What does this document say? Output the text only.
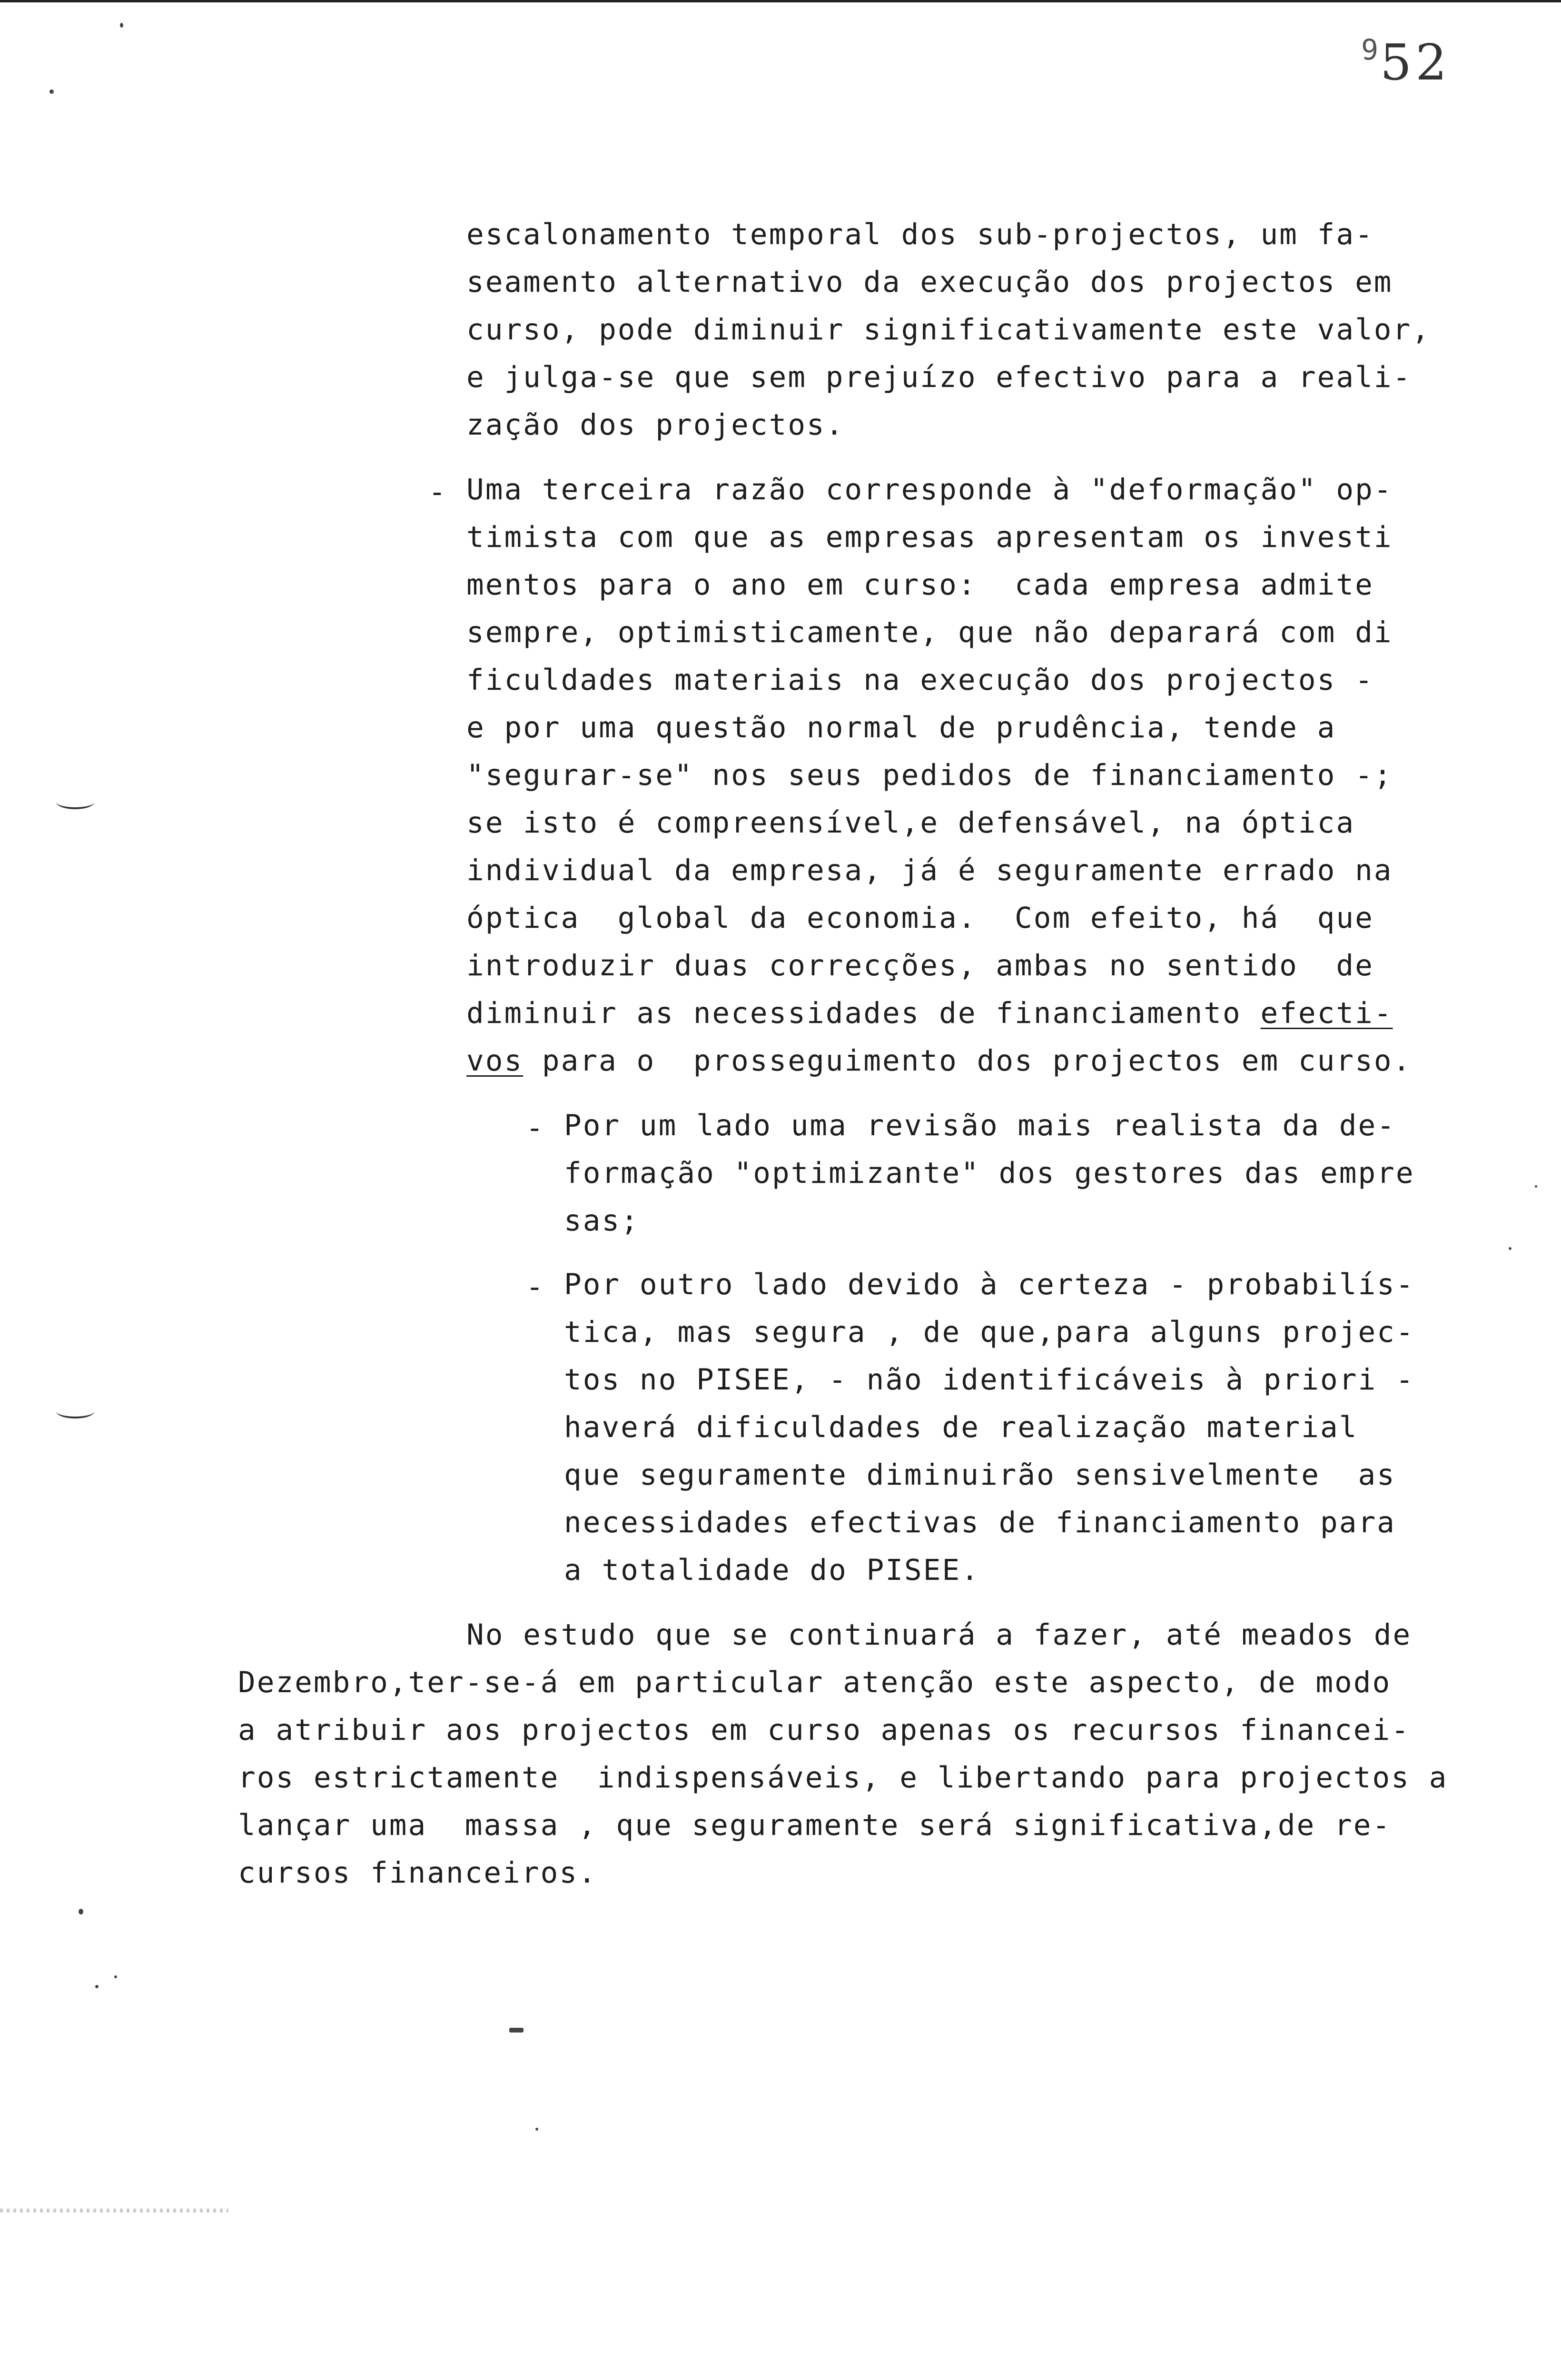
9 52
escalonamento temporal dos sub-projectos, um fa-
seamento alternativo da execução dos projectos em
curso, pode diminuir significativamente este valor,
e julga-se que sem prejuízo efectivo para a reali-
zação dos projectos.
- Uma terceira razão corresponde à "deformação" op-
timista com que as empresas apresentam os investi
mentos para o ano em curso:  cada empresa admite
sempre, optimisticamente, que não deparará com di
ficuldades materiais na execução dos projectos -
e por uma questão normal de prudência, tende a
"segurar-se" nos seus pedidos de financiamento -;
se isto é compreensível,e defensável, na óptica
individual da empresa, já é seguramente errado na
óptica  global da economia.  Com efeito, há  que
introduzir duas correcções, ambas no sentido  de
diminuir as necessidades de financiamento efecti-
vos para o  prosseguimento dos projectos em curso.
- Por um lado uma revisão mais realista da de-
formação "optimizante" dos gestores das empre
sas;
- Por outro lado devido à certeza - probabilís-
tica, mas segura , de que,para alguns projec-
tos no PISEE, - não identificáveis à priori -
haverá dificuldades de realização material
que seguramente diminuirão sensivelmente  as
necessidades efectivas de financiamento para
a totalidade do PISEE.
No estudo que se continuará a fazer, até meados de
Dezembro,ter-se-á em particular atenção este aspecto, de modo
a atribuir aos projectos em curso apenas os recursos financei-
ros estrictamente  indispensáveis, e libertando para projectos a
lançar uma  massa , que seguramente será significativa,de re-
cursos financeiros.
